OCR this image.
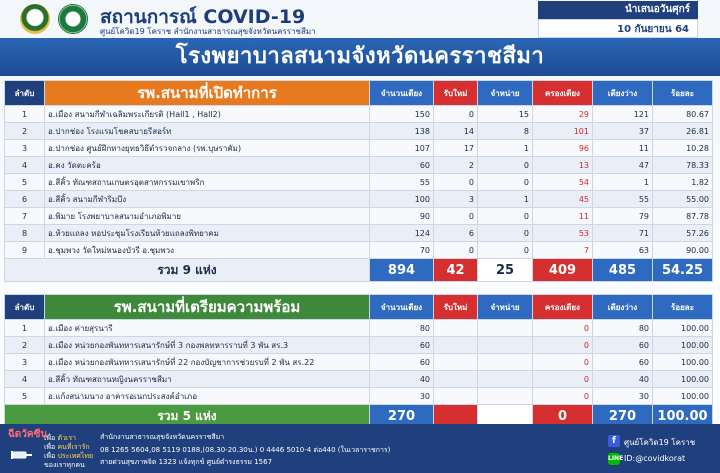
สถานการณ์ COVID-19
ศูนย์โควิด19 โคราช สำนักงานสาธารณสุขจังหวัดนครราชสีมา
นำเสนอวันศุกร์
10 กันยายน 64
โรงพยาบาลสนามจังหวัดนครราชสีมา
ลำดับ	รพ.สนามที่เปิดทำการ	จำนวนเตียง	รับใหม่	จำหน่าย	ครองเตียง	เตียงว่าง	ร้อยละ
1	อ.เมือง สนามกีฬาเฉลิมพระเกียรติ (Hall1 , Hall2)	150	0	15	29	121	80.67
2	อ.ปากช่อง โรงแรมโชคสบายรีสอร์ท	138	14	8	101	37	26.81
3	อ.ปากช่อง ศูนย์ฝึกทางยุทธวิธีตำรวจกลาง (รพ.บุษราคัม)	107	17	1	96	11	10.28
4	อ.คง วัดตะคร้อ	60	2	0	13	47	78.33
5	อ.สีคิ้ว ทัณฑสถานเกษตรอุตสาหกรรมเขาพริก	55	0	0	54	1	1.82
6	อ.สีคิ้ว สนามกีฬาริมบึง	100	3	1	45	55	55.00
7	อ.พิมาย โรงพยาบาลสนามอำเภอพิมาย	90	0	0	11	79	87.78
8	อ.ห้วยแถลง หอประชุมโรงเรียนห้วยแถลงพิทยาคม	124	6	0	53	71	57.26
9	อ.ชุมพวง วัดใหม่หนองบัวรี อ.ชุมพวง	70	0	0	7	63	90.00
รวม 9 แห่ง		894	42	25	409	485	54.25
ลำดับ	รพ.สนามที่เตรียมความพร้อม	จำนวนเตียง	รับใหม่	จำหน่าย	ครองเตียง	เตียงว่าง	ร้อยละ
1	อ.เมือง ค่ายสุรนารี	80			0	80	100.00
2	อ.เมือง หน่วยกองพันทหารเสนารักษ์ที่ 3 กองพลทหารราบที่ 3 พัน สร.3	60			0	60	100.00
3	อ.เมือง หน่วยกองพันทหารเสนารักษ์ที่ 22 กองบัญชาการช่วยรบที่ 2 พัน สร.22	60			0	60	100.00
4	อ.สีคิ้ว ทัณฑสถานหญิงนครราชสีมา	40			0	40	100.00
5	อ.แก้งสนามนาง อาคารอเนกประสงค์อำเภอ	30			0	30	100.00
รวม 5 แห่ง		270			0	270	100.00
ฉีดวัคซีน
เพื่อ ตัวเรา
เพื่อ คนที่เรารัก
เพื่อ ประเทศไทย
ของเราทุกคน
สำนักงานสาธารณสุขจังหวัดนครราชสีมา
08 1265 5604,08 5119 0188,(08.30-20.30น.) 0 4446 5010-4 ต่อ440 (ในเวลาราชการ)
สายด่วนสุขภาพจิต 1323 แจ้งทุกข์ ศูนย์ดำรงธรรม 1567
f	ศูนย์โควิด19 โคราช
LINE ID:@covidkorat
